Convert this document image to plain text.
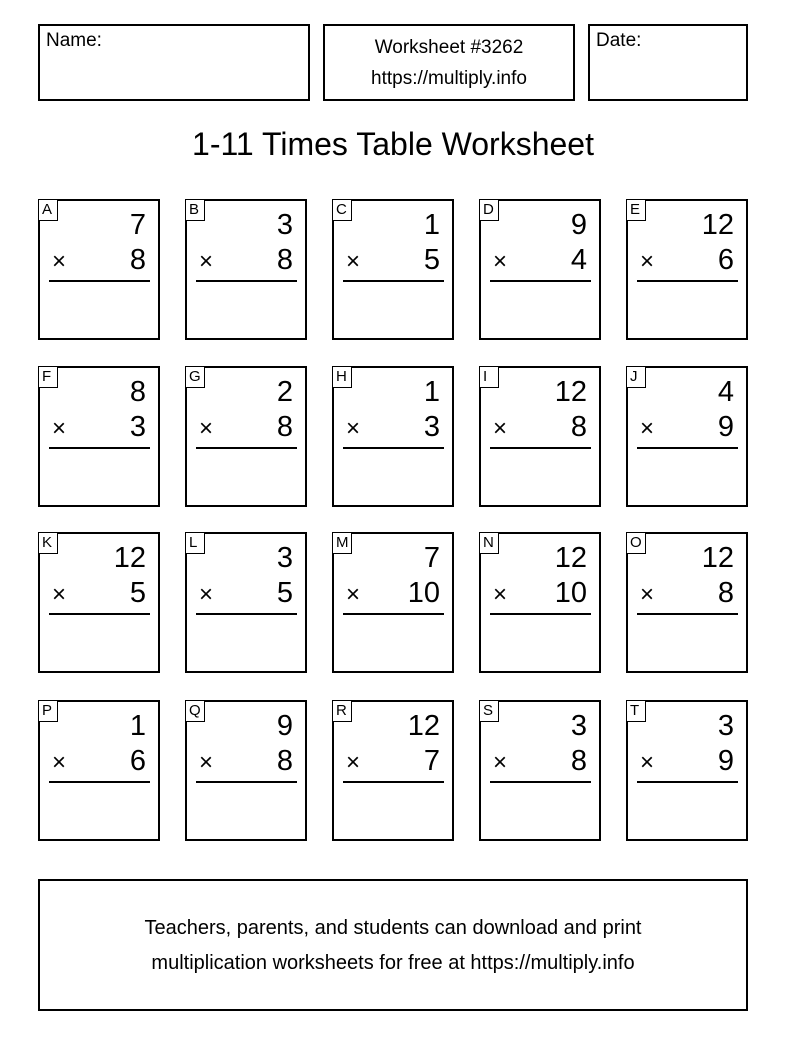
Name:	Worksheet #3262
https://multiply.info
Date:
1-11 Times Table Worksheet
A	7
× 8
B	3
× 8
C	1
× 5
D	9
× 4
E 12
× 6
F	8
× 3
G	2
× 8
H	1
× 3
I	12
× 8
J	4
× 9
K 12
× 5
L	3
× 5
M	7
× 10
N 12
× 10
O 12
× 8
P	1
× 6
Q	9
× 8
R 12
× 7
S	3
× 8
T	3
× 9
Teachers, parents, and students can download and print
multiplication worksheets for free at https://multiply.info
